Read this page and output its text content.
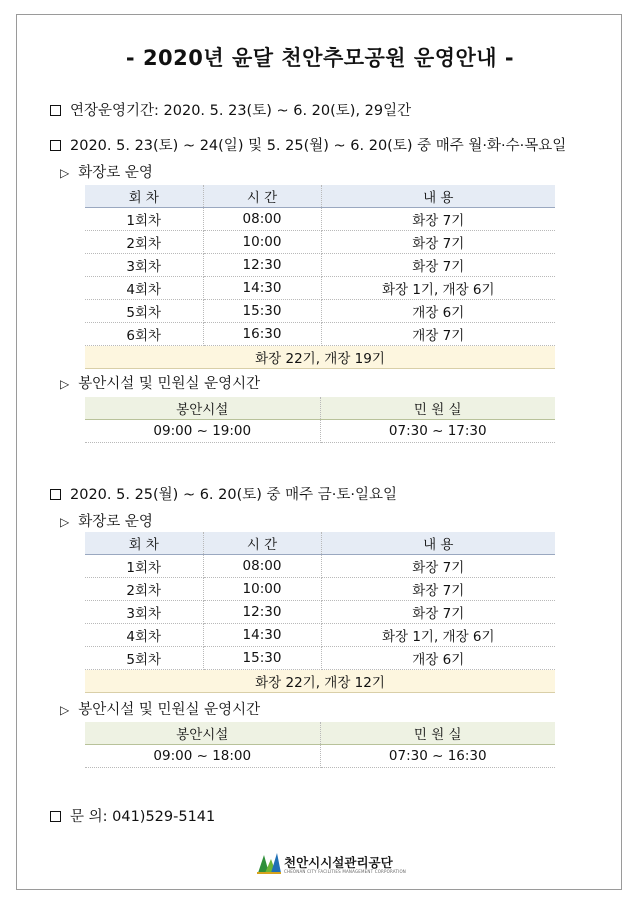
- 2020년 윤달 천안추모공원 운영안내 -
연장운영기간: 2020. 5. 23(토) ~ 6. 20(토), 29일간
2020. 5. 23(토) ~ 24(일) 및 5. 25(월) ~ 6. 20(토) 중 매주 월·화·수·목요일
▷ 화장로 운영
회 차	시 간	내 용
1회차	08:00	화장 7기
2회차	10:00	화장 7기
3회차	12:30	화장 7기
4회차	14:30	화장 1기, 개장 6기
5회차	15:30	개장 6기
6회차	16:30	개장 7기
화장 22기, 개장 19기		
▷ 봉안시설 및 민원실 운영시간
봉안시설	민 원 실
09:00 ~ 19:00	07:30 ~ 17:30
2020. 5. 25(월) ~ 6. 20(토) 중 매주 금·토·일요일
▷ 화장로 운영
회 차	시 간	내 용
1회차	08:00	화장 7기
2회차	10:00	화장 7기
3회차	12:30	화장 7기
4회차	14:30	화장 1기, 개장 6기
5회차	15:30	개장 6기
화장 22기, 개장 12기		
▷ 봉안시설 및 민원실 운영시간
봉안시설	민 원 실
09:00 ~ 18:00	07:30 ~ 16:30
문 의: 041)529-5141
천안시시설관리공단
CHEONAN CITY FACILITIES MANAGEMENT CORPORATION
